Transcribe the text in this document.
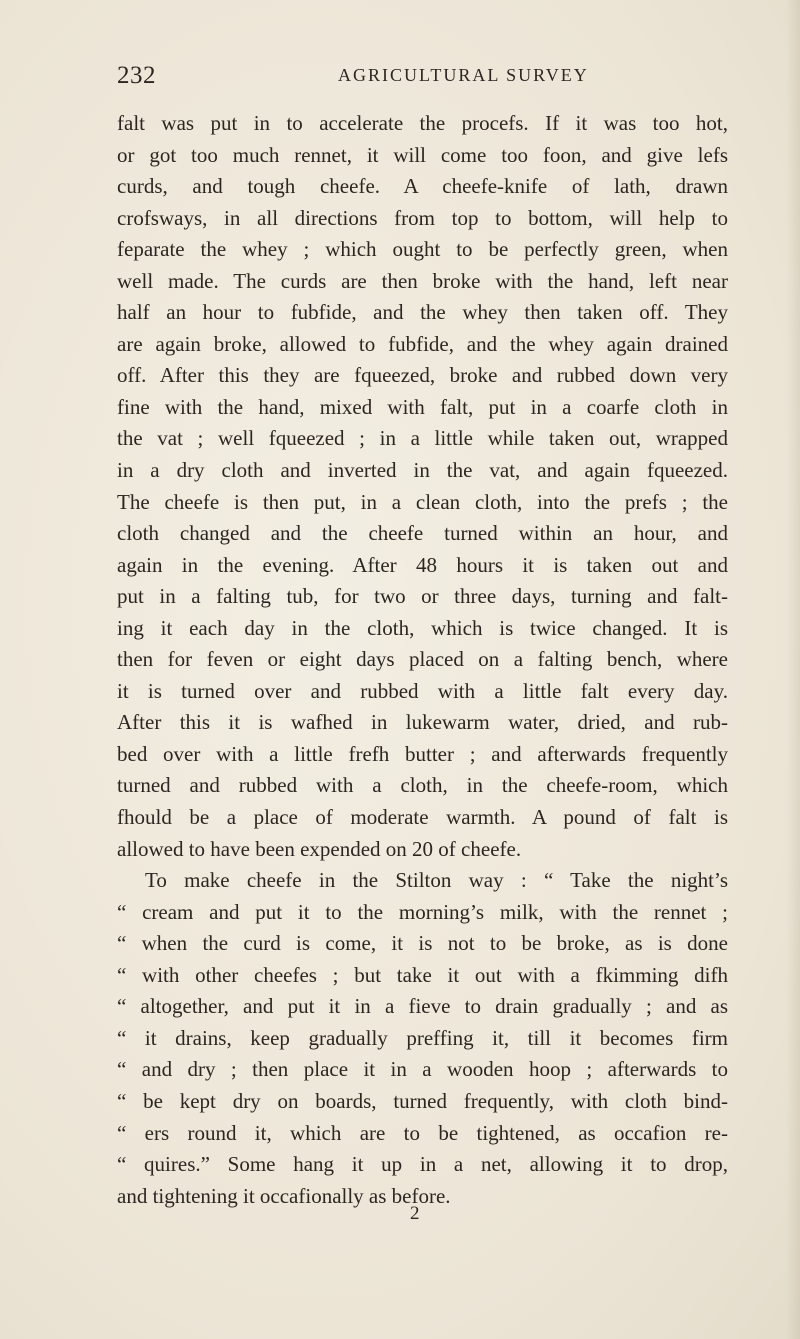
232	AGRICULTURAL SURVEY
falt was put in to accelerate the procefs. If it was too hot,
or got too much rennet, it will come too foon, and give lefs
curds, and tough cheefe. A cheefe-knife of lath, drawn
crofsways, in all directions from top to bottom, will help to
feparate the whey ; which ought to be perfectly green, when
well made. The curds are then broke with the hand, left near
half an hour to fubfide, and the whey then taken off. They
are again broke, allowed to fubfide, and the whey again drained
off. After this they are fqueezed, broke and rubbed down very
fine with the hand, mixed with falt, put in a coarfe cloth in
the vat ; well fqueezed ; in a little while taken out, wrapped
in a dry cloth and inverted in the vat, and again fqueezed.
The cheefe is then put, in a clean cloth, into the prefs ; the
cloth changed and the cheefe turned within an hour, and
again in the evening. After 48 hours it is taken out and
put in a falting tub, for two or three days, turning and falt-
ing it each day in the cloth, which is twice changed. It is
then for feven or eight days placed on a falting bench, where
it is turned over and rubbed with a little falt every day.
After this it is wafhed in lukewarm water, dried, and rub-
bed over with a little frefh butter ; and afterwards frequently
turned and rubbed with a cloth, in the cheefe-room, which
fhould be a place of moderate warmth. A pound of falt is
allowed to have been expended on 20 of cheefe.
To make cheefe in the Stilton way : “ Take the night’s
“ cream and put it to the morning’s milk, with the rennet ;
“ when the curd is come, it is not to be broke, as is done
“ with other cheefes ; but take it out with a fkimming difh
“ altogether, and put it in a fieve to drain gradually ; and as
“ it drains, keep gradually preffing it, till it becomes firm
“ and dry ; then place it in a wooden hoop ; afterwards to
“ be kept dry on boards, turned frequently, with cloth bind-
“ ers round it, which are to be tightened, as occafion re-
“ quires.” Some hang it up in a net, allowing it to drop,
and tightening it occafionally as before.
2
